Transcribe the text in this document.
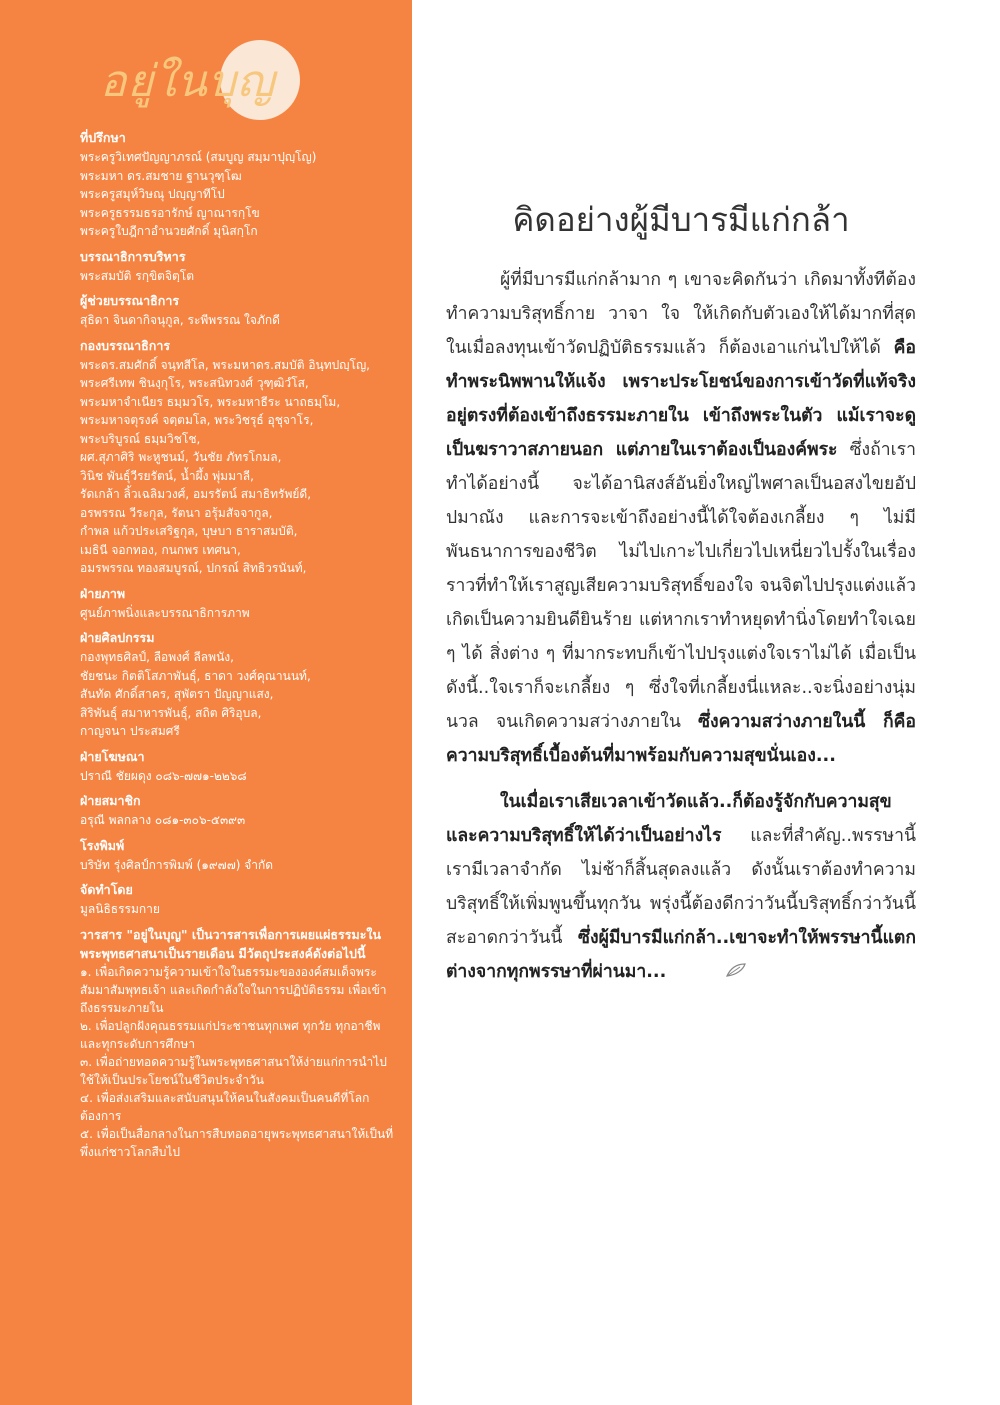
อยู่ในบุญ
ที่ปรึกษา
พระครูวิเทศปัญญาภรณ์ (สมบูญ สมฺมาปุญฺโญ)
พระมหา ดร.สมชาย ฐานวุฑฺโฒ
พระครูสมุห์วิษณุ ปญฺญาทีโป
พระครูธรรมธรอารักษ์ ญาณารกฺโข
พระครูใบฎีกาอำนวยศักดิ์ มุนิสกฺโก
บรรณาธิการบริหาร
พระสมบัติ รกฺขิตจิตฺโต
ผู้ช่วยบรรณาธิการ
สุธิดา จินดากิจนุกูล, ระพีพรรณ ใจภักดี
กองบรรณาธิการ
พระดร.สมศักดิ์ จนฺทสีโล, พระมหาดร.สมบัติ อินฺทปญฺโญ,
พระศรีเทพ ชินงฺกุโร, พระสนิทวงศ์ วุฑฺฒิวํโส,
พระมหาจำเนียร ธมฺมวโร, พระมหาธีระ นาถธมฺโม,
พระมหาจตุรงค์ จตฺตมโล, พระวิชรุธ์ อุชุจาโร,
พระบริบูรณ์ ธมฺมวิชโช,
ผศ.สุภาศิริ พะหูชนม์, วันชัย ภัทรโกมล,
วินิช พันธุ์วีรยรัตน์, น้ำผึ้ง พุ่มมาลี,
รัดเกล้า ลิ้วเฉลิมวงศ์, อมรรัตน์ สมาธิทรัพย์ดี,
อรพรรณ วีระกุล, รัตนา อรุ้มสัจจากูล,
กำพล แก้วประเสริฐกุล, บุษบา ธาราสมบัติ,
เมธินี จอกทอง, กนกพร เทศนา,
อมรพรรณ ทองสมบูรณ์, ปกรณ์ สิทธิวรนันท์,
ฝ่ายภาพ
ศูนย์ภาพนิ่งและบรรณาธิการภาพ
ฝ่ายศิลปกรรม
กองพุทธศิลป์, ลือพงศ์ ลีลพนัง,
ชัยชนะ กิตติโสภาพันธุ์, ธาดา วงศ์คุณานนท์,
สันทัด ศักดิ์สาคร, สุพัตรา ปัญญาแสง,
สิริพันธุ์ สมาหารพันธุ์, สถิต ศิริอุบล,
กาญจนา ประสมศรี
ฝ่ายโฆษณา
ปราณี ชัยผดุง ๐๘๖-๗๗๑-๒๒๖๘
ฝ่ายสมาชิก
อรุณี พลกลาง ๐๘๑-๓๐๖-๕๓๙๓
โรงพิมพ์
บริษัท รุ่งศิลป์การพิมพ์ (๑๙๗๗) จำกัด
จัดทำโดย
มูลนิธิธรรมกาย
วารสาร "อยู่ในบุญ" เป็นวารสารเพื่อการเผยแผ่ธรรมะในพระพุทธศาสนาเป็นรายเดือน มีวัตถุประสงค์ดังต่อไปนี้
๑. เพื่อเกิดความรู้ความเข้าใจในธรรมะขององค์สมเด็จพระสัมมาสัมพุทธเจ้า และเกิดกำลังใจในการปฏิบัติธรรม เพื่อเข้าถึงธรรมะภายใน
๒. เพื่อปลูกฝังคุณธรรมแก่ประชาชนทุกเพศ ทุกวัย ทุกอาชีพและทุกระดับการศึกษา
๓. เพื่อถ่ายทอดความรู้ในพระพุทธศาสนาให้ง่ายแก่การนำไปใช้ให้เป็นประโยชน์ในชีวิตประจำวัน
๔. เพื่อส่งเสริมและสนับสนุนให้คนในสังคมเป็นคนดีที่โลกต้องการ
๕. เพื่อเป็นสื่อกลางในการสืบทอดอายุพระพุทธศาสนาให้เป็นที่พึ่งแก่ชาวโลกสืบไป
คิดอย่างผู้มีบารมีแก่กล้า

ผู้ที่มีบารมีแก่กล้ามาก ๆ เขาจะคิดกันว่า เกิดมาทั้งทีต้องทำความบริสุทธิ์กาย วาจา ใจ ให้เกิดกับตัวเองให้ได้มากที่สุด ในเมื่อลงทุนเข้าวัดปฏิบัติธรรมแล้ว ก็ต้องเอาแก่นไปให้ได้ คือ ทำพระนิพพานให้แจ้ง เพราะประโยชน์ของการเข้าวัดที่แท้จริงอยู่ตรงที่ต้องเข้าถึงธรรมะภายใน เข้าถึงพระในตัว แม้เราจะดูเป็นฆราวาสภายนอก แต่ภายในเราต้องเป็นองค์พระ ซึ่งถ้าเราทำได้อย่างนี้ จะได้อานิสงส์อันยิ่งใหญ่ไพศาลเป็นอสงไขยอัปปมาณัง และการจะเข้าถึงอย่างนี้ได้ใจต้องเกลี้ยง ๆ ไม่มีพันธนาการของชีวิต ไม่ไปเกาะไปเกี่ยวไปเหนี่ยวไปรั้งในเรื่องราวที่ทำให้เราสูญเสียความบริสุทธิ์ของใจ จนจิตไปปรุงแต่งแล้วเกิดเป็นความยินดียินร้าย แต่หากเราทำหยุดทำนิ่งโดยทำใจเฉย ๆ ได้ สิ่งต่าง ๆ ที่มากระทบก็เข้าไปปรุงแต่งใจเราไม่ได้ เมื่อเป็นดังนี้..ใจเราก็จะเกลี้ยง ๆ ซึ่งใจที่เกลี้ยงนี่แหละ..จะนิ่งอย่างนุ่มนวล จนเกิดความสว่างภายใน ซึ่งความสว่างภายในนี้ ก็คือ ความบริสุทธิ์เบื้องต้นที่มาพร้อมกับความสุขนั่นเอง...

ในเมื่อเราเสียเวลาเข้าวัดแล้ว..ก็ต้องรู้จักกับความสุขและความบริสุทธิ์ให้ได้ว่าเป็นอย่างไร และที่สำคัญ..พรรษานี้เรามีเวลาจำกัด ไม่ช้าก็สิ้นสุดลงแล้ว ดังนั้นเราต้องทำความบริสุทธิ์ให้เพิ่มพูนขึ้นทุกวัน พรุ่งนี้ต้องดีกว่าวันนี้บริสุทธิ์กว่าวันนี้ สะอาดกว่าวันนี้ ซึ่งผู้มีบารมีแก่กล้า..เขาจะทำให้พรรษานี้แตกต่างจากทุกพรรษาที่ผ่านมา...
